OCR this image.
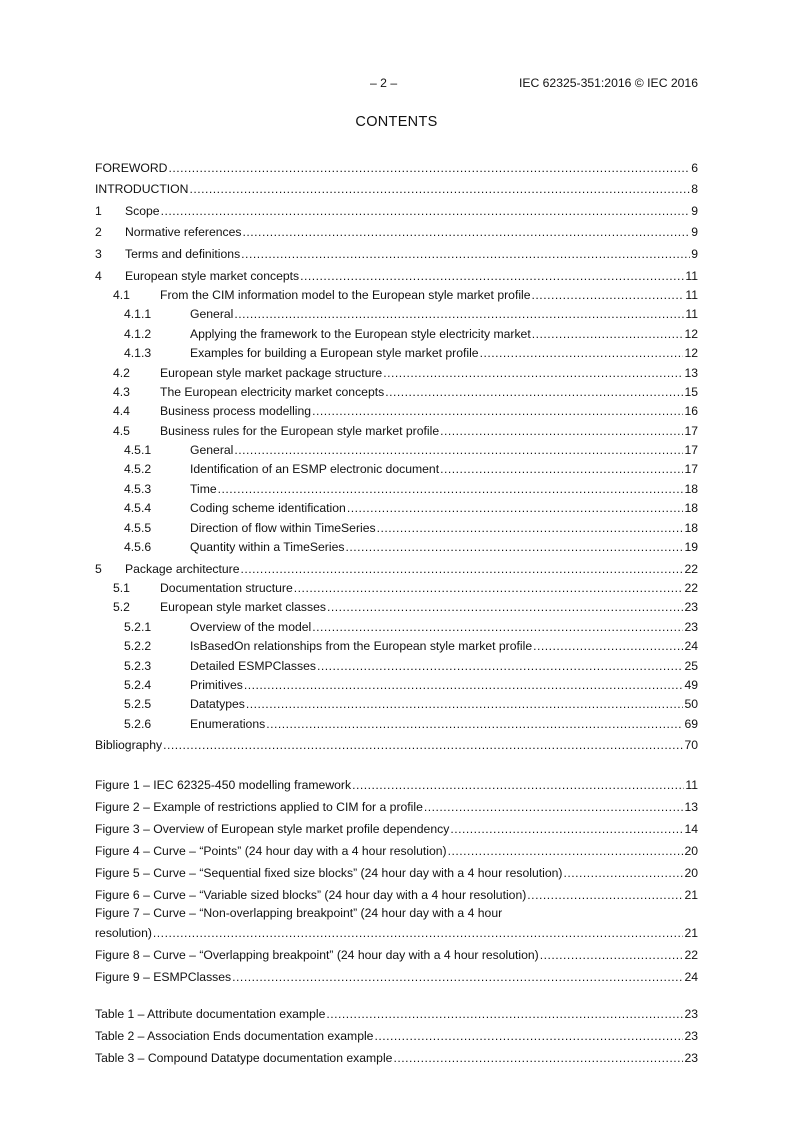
– 2 –	IEC 62325-351:2016 © IEC 2016
CONTENTS
FOREWORD .....	6
INTRODUCTION .....	8
1	Scope .....	9
2	Normative references .....	9
3	Terms and definitions .....	9
4	European style market concepts .....	11
4.1	From the CIM information model to the European style market profile .....	11
4.1.1	General .....	11
4.1.2	Applying the framework to the European style electricity market .....	12
4.1.3	Examples for building a European style market profile .....	12
4.2	European style market package structure .....	13
4.3	The European electricity market concepts .....	15
4.4	Business process modelling .....	16
4.5	Business rules for the European style market profile .....	17
4.5.1	General .....	17
4.5.2	Identification of an ESMP electronic document .....	17
4.5.3	Time .....	18
4.5.4	Coding scheme identification .....	18
4.5.5	Direction of flow within TimeSeries .....	18
4.5.6	Quantity within a TimeSeries .....	19
5	Package architecture .....	22
5.1	Documentation structure .....	22
5.2	European style market classes .....	23
5.2.1	Overview of the model .....	23
5.2.2	IsBasedOn relationships from the European style market profile .....	24
5.2.3	Detailed ESMPClasses .....	25
5.2.4	Primitives .....	49
5.2.5	Datatypes .....	50
5.2.6	Enumerations .....	69
Bibliography .....	70
Figure 1 – IEC 62325-450 modelling framework .....	11
Figure 2 – Example of restrictions applied to CIM for a profile .....	13
Figure 3 – Overview of European style market profile dependency .....	14
Figure 4 – Curve – “Points” (24 hour day with a 4 hour resolution) .....	20
Figure 5 – Curve – “Sequential fixed size blocks” (24 hour day with a 4 hour resolution) .....	20
Figure 6 – Curve – “Variable sized blocks” (24 hour day with a 4 hour resolution) .....	21
Figure 7 – Curve – “Non-overlapping breakpoint” (24 hour day with a 4 hour
resolution) .....	21
Figure 8 – Curve – “Overlapping breakpoint” (24 hour day with a 4 hour resolution) .....	22
Figure 9 – ESMPClasses .....	24
Table 1 – Attribute documentation example .....	23
Table 2 – Association Ends documentation example .....	23
Table 3 – Compound Datatype documentation example .....	23
